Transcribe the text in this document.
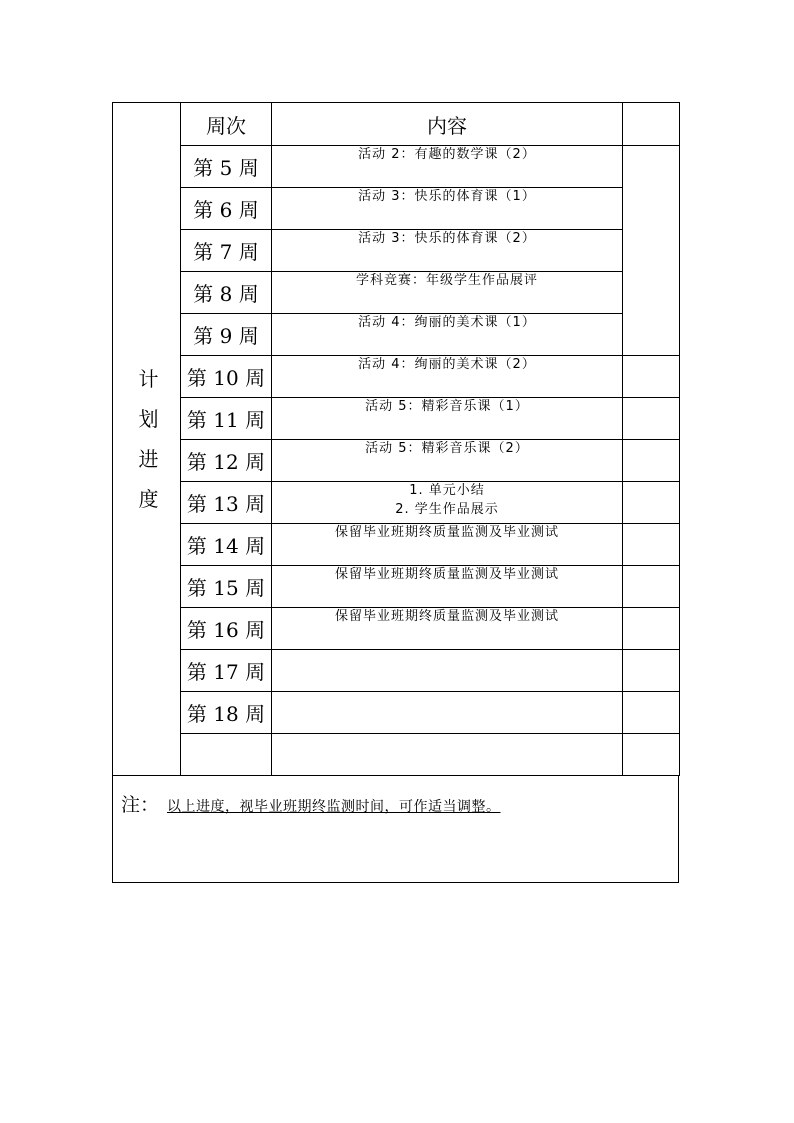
计
划
进
度	周次	内容	
	第 5 周	活动 2：有趣的数学课（2）	

	第 6 周	活动 3：快乐的体育课（1）	

	第 7 周	活动 3：快乐的体育课（2）	

	第 8 周	学科竞赛：年级学生作品展评	

	第 9 周	活动 4：绚丽的美术课（1）	

	第 10 周	活动 4：绚丽的美术课（2）	

	第 11 周	活动 5：精彩音乐课（1）	

	第 12 周	活动 5：精彩音乐课（2）	

	第 13 周	1. 单元小结
2. 学生作品展示	

	第 14 周	保留毕业班期终质量监测及毕业测试	

	第 15 周	保留毕业班期终质量监测及毕业测试	

	第 16 周	保留毕业班期终质量监测及毕业测试	

	第 17 周		
	第 18 周		

注： 以上进度，视毕业班期终监测时间，可作适当调整。
